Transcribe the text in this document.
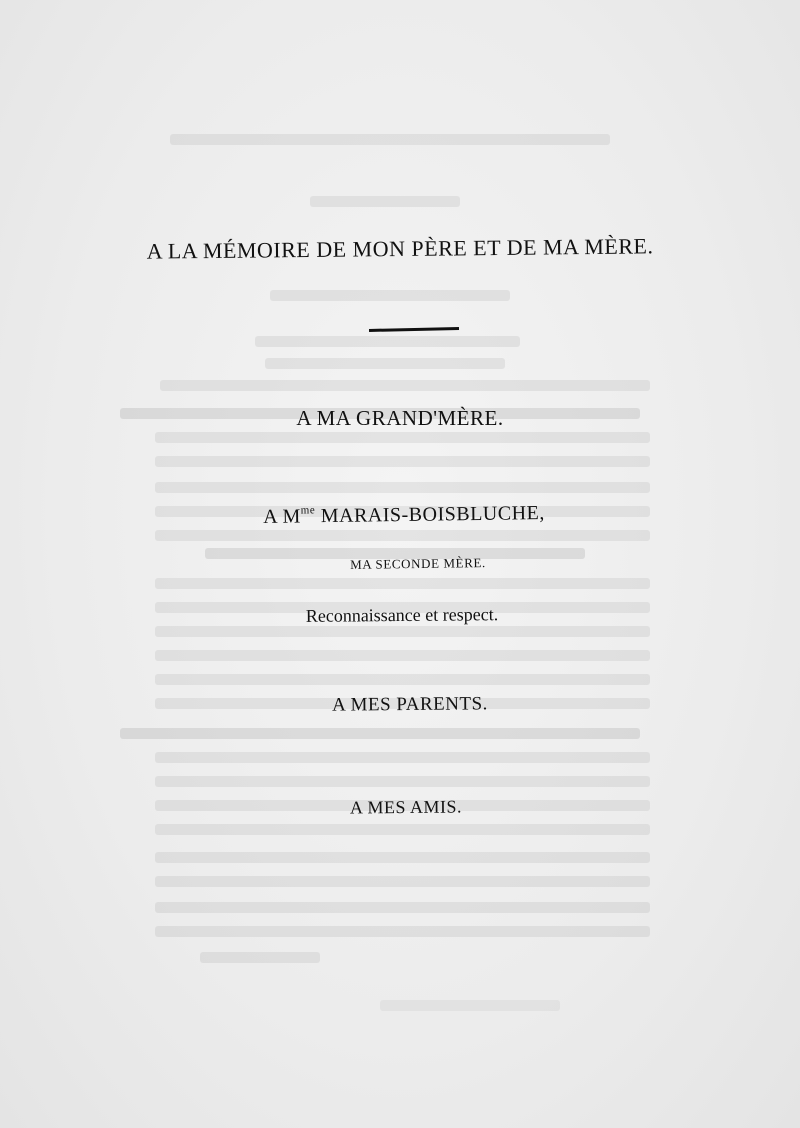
A LA MÉMOIRE DE MON PÈRE ET DE MA MÈRE.
A MA GRAND'MÈRE.
A $M^{me}$ MARAIS-BOISBLUCHE,
MA SECONDE MÈRE.
Reconnaissance et respect.
A MES PARENTS.
A MES AMIS.
